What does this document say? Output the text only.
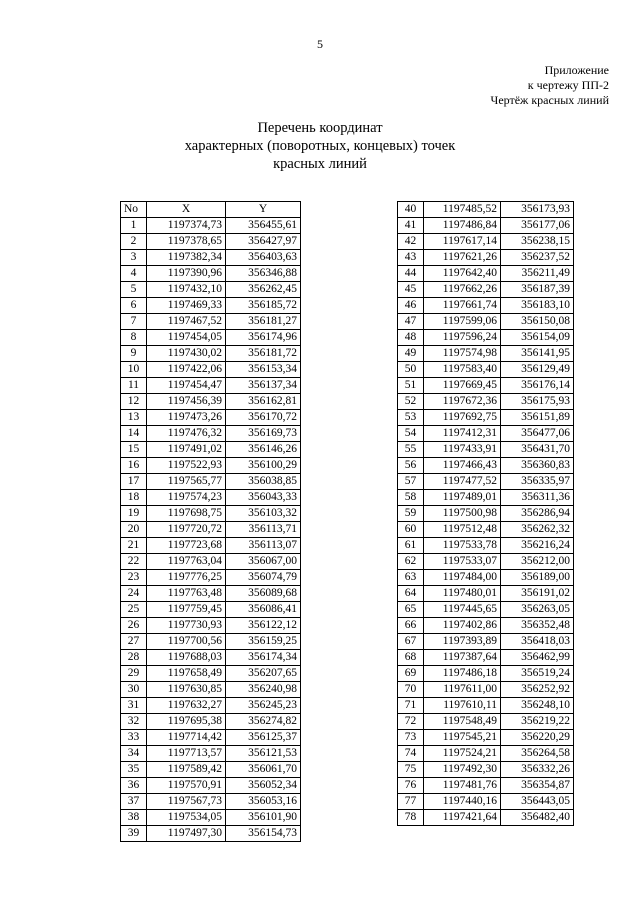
5
Приложение
к чертежу ПП-2
Чертёж красных линий
Перечень координат
характерных (поворотных, концевых) точек
красных линий
No	X	Y
1	1197374,73	356455,61
2	1197378,65	356427,97
3	1197382,34	356403,63
4	1197390,96	356346,88
5	1197432,10	356262,45
6	1197469,33	356185,72
7	1197467,52	356181,27
8	1197454,05	356174,96
9	1197430,02	356181,72
10	1197422,06	356153,34
11	1197454,47	356137,34
12	1197456,39	356162,81
13	1197473,26	356170,72
14	1197476,32	356169,73
15	1197491,02	356146,26
16	1197522,93	356100,29
17	1197565,77	356038,85
18	1197574,23	356043,33
19	1197698,75	356103,32
20	1197720,72	356113,71
21	1197723,68	356113,07
22	1197763,04	356067,00
23	1197776,25	356074,79
24	1197763,48	356089,68
25	1197759,45	356086,41
26	1197730,93	356122,12
27	1197700,56	356159,25
28	1197688,03	356174,34
29	1197658,49	356207,65
30	1197630,85	356240,98
31	1197632,27	356245,23
32	1197695,38	356274,82
33	1197714,42	356125,37
34	1197713,57	356121,53
35	1197589,42	356061,70
36	1197570,91	356052,34
37	1197567,73	356053,16
38	1197534,05	356101,90
39	1197497,30	356154,73
40	1197485,52	356173,93
41	1197486,84	356177,06
42	1197617,14	356238,15
43	1197621,26	356237,52
44	1197642,40	356211,49
45	1197662,26	356187,39
46	1197661,74	356183,10
47	1197599,06	356150,08
48	1197596,24	356154,09
49	1197574,98	356141,95
50	1197583,40	356129,49
51	1197669,45	356176,14
52	1197672,36	356175,93
53	1197692,75	356151,89
54	1197412,31	356477,06
55	1197433,91	356431,70
56	1197466,43	356360,83
57	1197477,52	356335,97
58	1197489,01	356311,36
59	1197500,98	356286,94
60	1197512,48	356262,32
61	1197533,78	356216,24
62	1197533,07	356212,00
63	1197484,00	356189,00
64	1197480,01	356191,02
65	1197445,65	356263,05
66	1197402,86	356352,48
67	1197393,89	356418,03
68	1197387,64	356462,99
69	1197486,18	356519,24
70	1197611,00	356252,92
71	1197610,11	356248,10
72	1197548,49	356219,22
73	1197545,21	356220,29
74	1197524,21	356264,58
75	1197492,30	356332,26
76	1197481,76	356354,87
77	1197440,16	356443,05
78	1197421,64	356482,40
